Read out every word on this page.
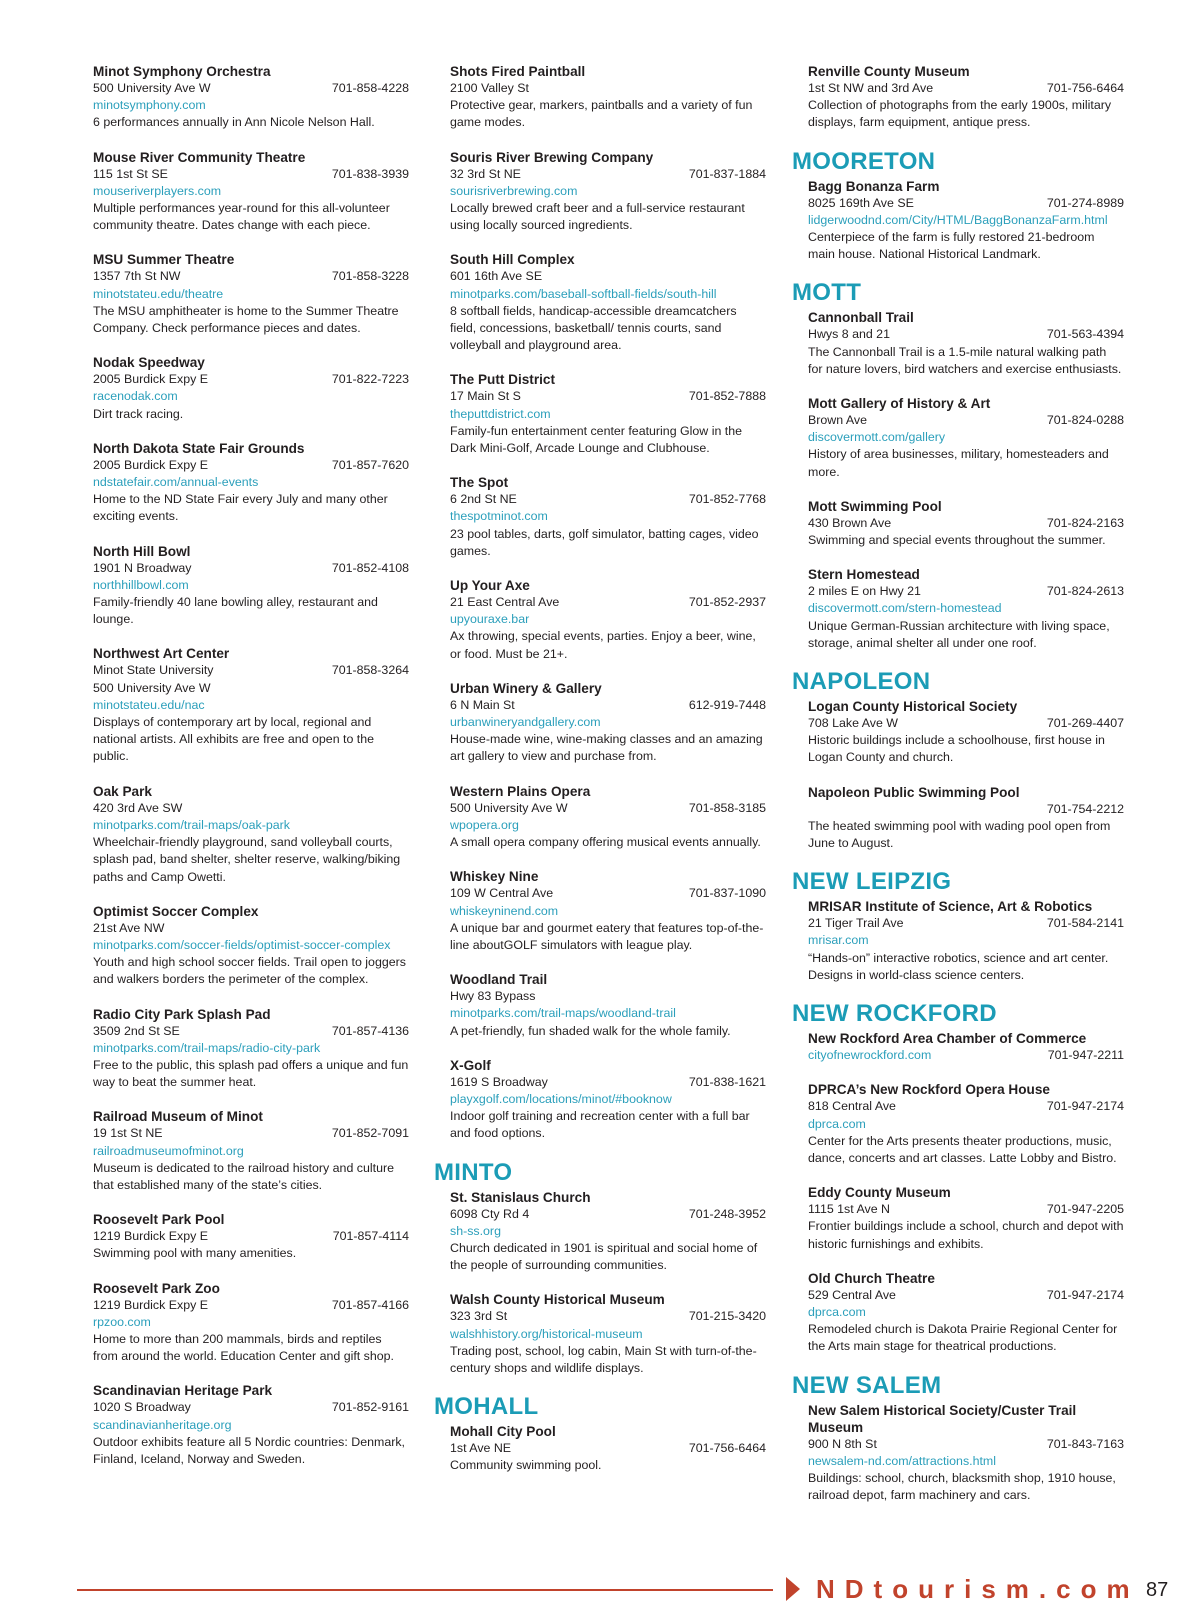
Minot Symphony Orchestra
500 University Ave W	701-858-4228
minotsymphony.com
6 performances annually in Ann Nicole Nelson Hall.
Mouse River Community Theatre
115 1st St SE	701-838-3939
mouseriverplayers.com
Multiple performances year-round for this all-volunteer community theatre. Dates change with each piece.
MSU Summer Theatre
1357 7th St NW	701-858-3228
minotstateu.edu/theatre
The MSU amphitheater is home to the Summer Theatre Company. Check performance pieces and dates.
Nodak Speedway
2005 Burdick Expy E	701-822-7223
racenodak.com
Dirt track racing.
North Dakota State Fair Grounds
2005 Burdick Expy E	701-857-7620
ndstatefair.com/annual-events
Home to the ND State Fair every July and many other exciting events.
North Hill Bowl
1901 N Broadway	701-852-4108
northhillbowl.com
Family-friendly 40 lane bowling alley, restaurant and lounge.
Northwest Art Center
Minot State University	701-858-3264
500 University Ave W
minotstateu.edu/nac
Displays of contemporary art by local, regional and national artists. All exhibits are free and open to the public.
Oak Park
420 3rd Ave SW
minotparks.com/trail-maps/oak-park
Wheelchair-friendly playground, sand volleyball courts, splash pad, band shelter, shelter reserve, walking/biking paths and Camp Owetti.
Optimist Soccer Complex
21st Ave NW
minotparks.com/soccer-fields/optimist-soccer-complex
Youth and high school soccer fields. Trail open to joggers and walkers borders the perimeter of the complex.
Radio City Park Splash Pad
3509 2nd St SE	701-857-4136
minotparks.com/trail-maps/radio-city-park
Free to the public, this splash pad offers a unique and fun way to beat the summer heat.
Railroad Museum of Minot
19 1st St NE	701-852-7091
railroadmuseumofminot.org
Museum is dedicated to the railroad history and culture that established many of the state’s cities.
Roosevelt Park Pool
1219 Burdick Expy E	701-857-4114
Swimming pool with many amenities.
Roosevelt Park Zoo
1219 Burdick Expy E	701-857-4166
rpzoo.com
Home to more than 200 mammals, birds and reptiles from around the world. Education Center and gift shop.
Scandinavian Heritage Park
1020 S Broadway	701-852-9161
scandinavianheritage.org
Outdoor exhibits feature all 5 Nordic countries: Denmark, Finland, Iceland, Norway and Sweden.
Shots Fired Paintball
2100 Valley St
Protective gear, markers, paintballs and a variety of fun game modes.
Souris River Brewing Company
32 3rd St NE	701-837-1884
sourisriverbrewing.com
Locally brewed craft beer and a full-service restaurant using locally sourced ingredients.
South Hill Complex
601 16th Ave SE
minotparks.com/baseball-softball-fields/south-hill
8 softball fields, handicap-accessible dreamcatchers field, concessions, basketball/ tennis courts, sand volleyball and playground area.
The Putt District
17 Main St S	701-852-7888
theputtdistrict.com
Family-fun entertainment center featuring Glow in the Dark Mini-Golf, Arcade Lounge and Clubhouse.
The Spot
6 2nd St NE	701-852-7768
thespotminot.com
23 pool tables, darts, golf simulator, batting cages, video games.
Up Your Axe
21 East Central Ave	701-852-2937
upyouraxe.bar
Ax throwing, special events, parties. Enjoy a beer, wine, or food. Must be 21+.
Urban Winery & Gallery
6 N Main St	612-919-7448
urbanwineryandgallery.com
House-made wine, wine-making classes and an amazing art gallery to view and purchase from.
Western Plains Opera
500 University Ave W	701-858-3185
wpopera.org
A small opera company offering musical events annually.
Whiskey Nine
109 W Central Ave	701-837-1090
whiskeyninend.com
A unique bar and gourmet eatery that features top-of-the-line aboutGOLF simulators with league play.
Woodland Trail
Hwy 83 Bypass
minotparks.com/trail-maps/woodland-trail
A pet-friendly, fun shaded walk for the whole family.
X-Golf
1619 S Broadway	701-838-1621
playxgolf.com/locations/minot/#booknow
Indoor golf training and recreation center with a full bar and food options.
MINTO
St. Stanislaus Church
6098 Cty Rd 4	701-248-3952
sh-ss.org
Church dedicated in 1901 is spiritual and social home of the people of surrounding communities.
Walsh County Historical Museum
323 3rd St	701-215-3420
walshhistory.org/historical-museum
Trading post, school, log cabin, Main St with turn-of-the-century shops and wildlife displays.
MOHALL
Mohall City Pool
1st Ave NE	701-756-6464
Community swimming pool.
Renville County Museum
1st St NW and 3rd Ave	701-756-6464
Collection of photographs from the early 1900s, military displays, farm equipment, antique press.
MOORETON
Bagg Bonanza Farm
8025 169th Ave SE	701-274-8989
lidgerwoodnd.com/City/HTML/BaggBonanzaFarm.html
Centerpiece of the farm is fully restored 21-bedroom main house. National Historical Landmark.
MOTT
Cannonball Trail
Hwys 8 and 21	701-563-4394
The Cannonball Trail is a 1.5-mile natural walking path for nature lovers, bird watchers and exercise enthusiasts.
Mott Gallery of History & Art
Brown Ave	701-824-0288
discovermott.com/gallery
History of area businesses, military, homesteaders and more.
Mott Swimming Pool
430 Brown Ave	701-824-2163
Swimming and special events throughout the summer.
Stern Homestead
2 miles E on Hwy 21	701-824-2613
discovermott.com/stern-homestead
Unique German-Russian architecture with living space, storage, animal shelter all under one roof.
NAPOLEON
Logan County Historical Society
708 Lake Ave W	701-269-4407
Historic buildings include a schoolhouse, first house in Logan County and church.
Napoleon Public Swimming Pool
701-754-2212
The heated swimming pool with wading pool open from June to August.
NEW LEIPZIG
MRISAR Institute of Science, Art & Robotics
21 Tiger Trail Ave	701-584-2141
mrisar.com
“Hands-on” interactive robotics, science and art center. Designs in world-class science centers.
NEW ROCKFORD
New Rockford Area Chamber of Commerce
cityofnewrockford.com	701-947-2211
DPRCA’s New Rockford Opera House
818 Central Ave	701-947-2174
dprca.com
Center for the Arts presents theater productions, music, dance, concerts and art classes. Latte Lobby and Bistro.
Eddy County Museum
1115 1st Ave N	701-947-2205
Frontier buildings include a school, church and depot with historic furnishings and exhibits.
Old Church Theatre
529 Central Ave	701-947-2174
dprca.com
Remodeled church is Dakota Prairie Regional Center for the Arts main stage for theatrical productions.
NEW SALEM
New Salem Historical Society/Custer Trail Museum
900 N 8th St	701-843-7163
newsalem-nd.com/attractions.html
Buildings: school, church, blacksmith shop, 1910 house, railroad depot, farm machinery and cars.
NDtourism.com 87
